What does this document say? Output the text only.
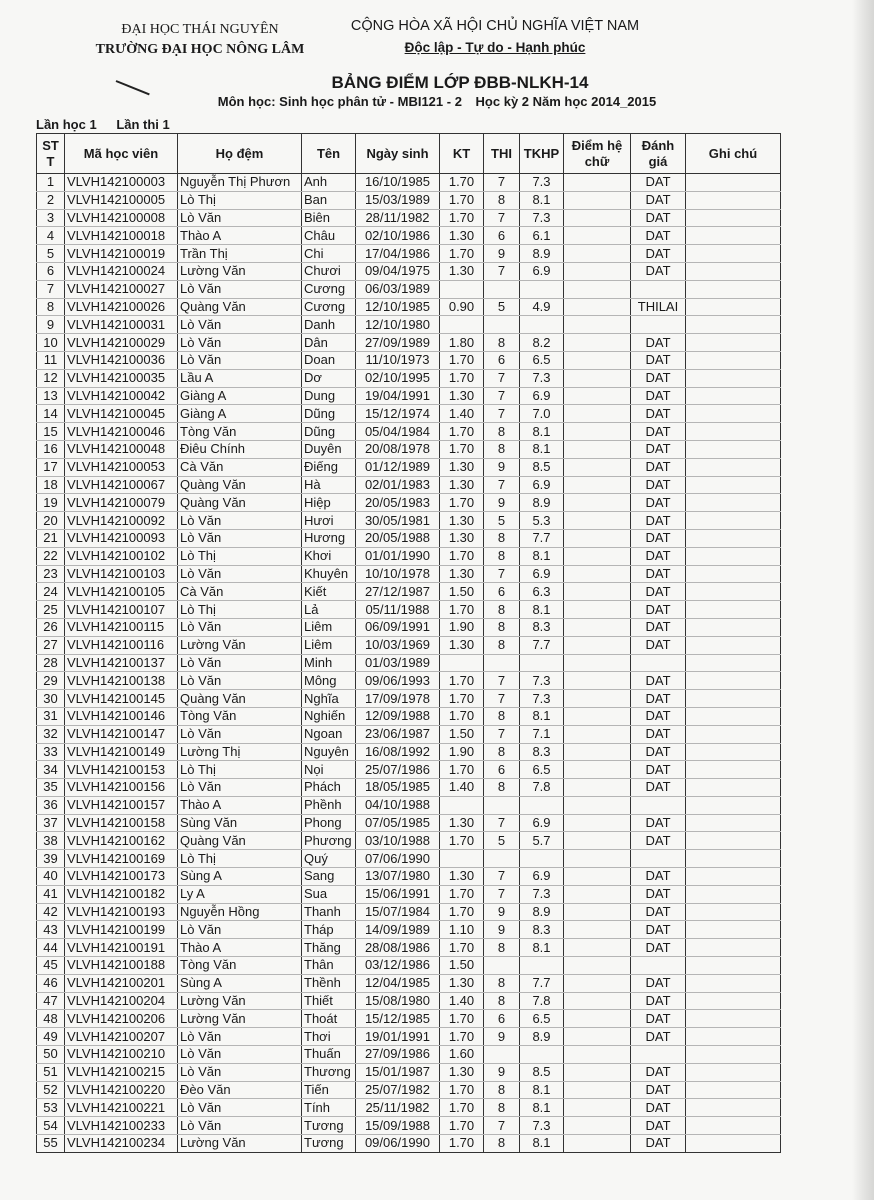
ĐẠI HỌC THÁI NGUYÊN
TRƯỜNG ĐẠI HỌC NÔNG LÂM
CỘNG HÒA XÃ HỘI CHỦ NGHĨA VIỆT NAM
Độc lập - Tự do - Hạnh phúc
BẢNG ĐIỂM LỚP ĐBB-NLKH-14
Môn học: Sinh học phân tử - MBI121 - 2 Học kỳ 2 Năm học 2014_2015
Lần học 1 Lần thi 1
ST T	Mã học viên	Họ đệm	Tên	Ngày sinh	KT	THI	TKHP	Điểm hệ chữ	Đánh giá	Ghi chú
1	VLVH142100003	Nguyễn Thị Phươn	Anh	16/10/1985	1.70	7	7.3		DAT	
2	VLVH142100005	Lò Thị	Ban	15/03/1989	1.70	8	8.1		DAT	
3	VLVH142100008	Lò Văn	Biên	28/11/1982	1.70	7	7.3		DAT	
4	VLVH142100018	Thào A	Châu	02/10/1986	1.30	6	6.1		DAT	
5	VLVH142100019	Trần Thị	Chi	17/04/1986	1.70	9	8.9		DAT	
6	VLVH142100024	Lường Văn	Chươi	09/04/1975	1.30	7	6.9		DAT	
7	VLVH142100027	Lò Văn	Cương	06/03/1989						
8	VLVH142100026	Quàng Văn	Cương	12/10/1985	0.90	5	4.9		THILAI	
9	VLVH142100031	Lò Văn	Danh	12/10/1980						
10	VLVH142100029	Lò Văn	Dân	27/09/1989	1.80	8	8.2		DAT	
11	VLVH142100036	Lò Văn	Doan	11/10/1973	1.70	6	6.5		DAT	
12	VLVH142100035	Lầu A	Dơ	02/10/1995	1.70	7	7.3		DAT	
13	VLVH142100042	Giàng A	Dung	19/04/1991	1.30	7	6.9		DAT	
14	VLVH142100045	Giàng A	Dũng	15/12/1974	1.40	7	7.0		DAT	
15	VLVH142100046	Tòng Văn	Dũng	05/04/1984	1.70	8	8.1		DAT	
16	VLVH142100048	Điêu Chính	Duyên	20/08/1978	1.70	8	8.1		DAT	
17	VLVH142100053	Cà Văn	Điếng	01/12/1989	1.30	9	8.5		DAT	
18	VLVH142100067	Quàng Văn	Hà	02/01/1983	1.30	7	6.9		DAT	
19	VLVH142100079	Quàng Văn	Hiệp	20/05/1983	1.70	9	8.9		DAT	
20	VLVH142100092	Lò Văn	Hươi	30/05/1981	1.30	5	5.3		DAT	
21	VLVH142100093	Lò Văn	Hương	20/05/1988	1.30	8	7.7		DAT	
22	VLVH142100102	Lò Thị	Khơi	01/01/1990	1.70	8	8.1		DAT	
23	VLVH142100103	Lò Văn	Khuyên	10/10/1978	1.30	7	6.9		DAT	
24	VLVH142100105	Cà Văn	Kiết	27/12/1987	1.50	6	6.3		DAT	
25	VLVH142100107	Lò Thị	Lả	05/11/1988	1.70	8	8.1		DAT	
26	VLVH142100115	Lò Văn	Liêm	06/09/1991	1.90	8	8.3		DAT	
27	VLVH142100116	Lường Văn	Liêm	10/03/1969	1.30	8	7.7		DAT	
28	VLVH142100137	Lò Văn	Minh	01/03/1989						
29	VLVH142100138	Lò Văn	Mông	09/06/1993	1.70	7	7.3		DAT	
30	VLVH142100145	Quàng Văn	Nghĩa	17/09/1978	1.70	7	7.3		DAT	
31	VLVH142100146	Tòng Văn	Nghiến	12/09/1988	1.70	8	8.1		DAT	
32	VLVH142100147	Lò Văn	Ngoan	23/06/1987	1.50	7	7.1		DAT	
33	VLVH142100149	Lường Thị	Nguyên	16/08/1992	1.90	8	8.3		DAT	
34	VLVH142100153	Lò Thị	Nọi	25/07/1986	1.70	6	6.5		DAT	
35	VLVH142100156	Lò Văn	Phách	18/05/1985	1.40	8	7.8		DAT	
36	VLVH142100157	Thào A	Phềnh	04/10/1988						
37	VLVH142100158	Sùng Văn	Phong	07/05/1985	1.30	7	6.9		DAT	
38	VLVH142100162	Quàng Văn	Phương	03/10/1988	1.70	5	5.7		DAT	
39	VLVH142100169	Lò Thị	Quý	07/06/1990						
40	VLVH142100173	Sùng A	Sang	13/07/1980	1.30	7	6.9		DAT	
41	VLVH142100182	Ly A	Sua	15/06/1991	1.70	7	7.3		DAT	
42	VLVH142100193	Nguyễn Hồng	Thanh	15/07/1984	1.70	9	8.9		DAT	
43	VLVH142100199	Lò Văn	Tháp	14/09/1989	1.10	9	8.3		DAT	
44	VLVH142100191	Thào A	Thăng	28/08/1986	1.70	8	8.1		DAT	
45	VLVH142100188	Tòng Văn	Thân	03/12/1986	1.50					
46	VLVH142100201	Sùng A	Thềnh	12/04/1985	1.30	8	7.7		DAT	
47	VLVH142100204	Lường Văn	Thiết	15/08/1980	1.40	8	7.8		DAT	
48	VLVH142100206	Lường Văn	Thoát	15/12/1985	1.70	6	6.5		DAT	
49	VLVH142100207	Lò Văn	Thơi	19/01/1991	1.70	9	8.9		DAT	
50	VLVH142100210	Lò Văn	Thuấn	27/09/1986	1.60					
51	VLVH142100215	Lò Văn	Thương	15/01/1987	1.30	9	8.5		DAT	
52	VLVH142100220	Đèo Văn	Tiến	25/07/1982	1.70	8	8.1		DAT	
53	VLVH142100221	Lò Văn	Tính	25/11/1982	1.70	8	8.1		DAT	
54	VLVH142100233	Lò Văn	Tương	15/09/1988	1.70	7	7.3		DAT	
55	VLVH142100234	Lường Văn	Tương	09/06/1990	1.70	8	8.1		DAT	
